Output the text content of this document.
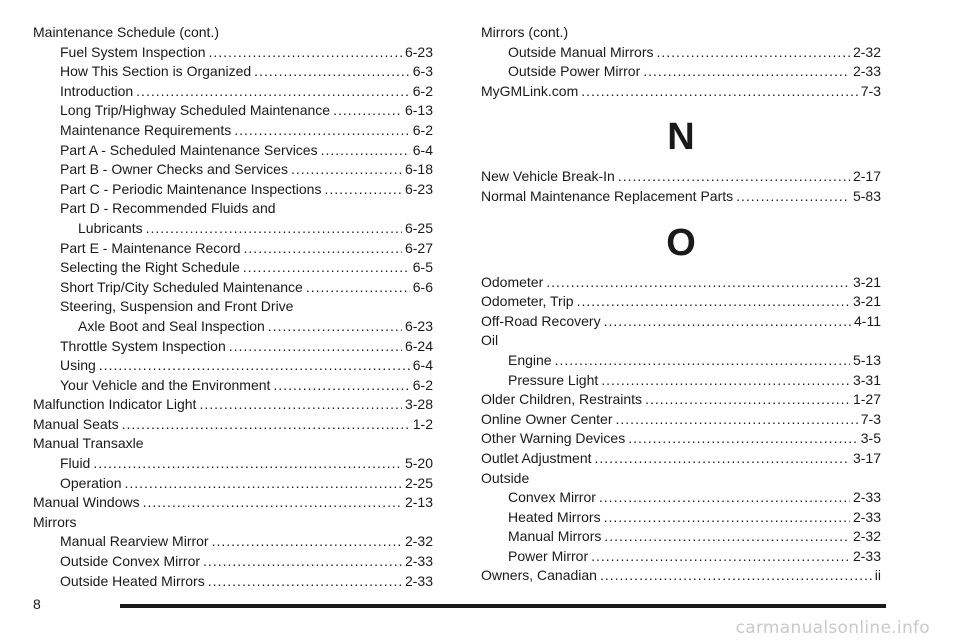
Maintenance Schedule (cont.)
Fuel System Inspection .....	6-23
How This Section is Organized .....	6-3
Introduction .....	6-2
Long Trip/Highway Scheduled Maintenance .....	6-13
Maintenance Requirements .....	6-2
Part A - Scheduled Maintenance Services .....	6-4
Part B - Owner Checks and Services .....	6-18
Part C - Periodic Maintenance Inspections .....	6-23
Part D - Recommended Fluids and
Lubricants .....	6-25
Part E - Maintenance Record .....	6-27
Selecting the Right Schedule .....	6-5
Short Trip/City Scheduled Maintenance .....	6-6
Steering, Suspension and Front Drive
Axle Boot and Seal Inspection .....	6-23
Throttle System Inspection .....	6-24
Using .....	6-4
Your Vehicle and the Environment .....	6-2
Malfunction Indicator Light .....	3-28
Manual Seats .....	1-2
Manual Transaxle
Fluid .....	5-20
Operation .....	2-25
Manual Windows .....	2-13
Mirrors
Manual Rearview Mirror .....	2-32
Outside Convex Mirror .....	2-33
Outside Heated Mirrors .....	2-33
Mirrors (cont.)
Outside Manual Mirrors .....	2-32
Outside Power Mirror .....	2-33
MyGMLink.com .....	7-3
N
New Vehicle Break-In .....	2-17
Normal Maintenance Replacement Parts .....	5-83
O
Odometer .....	3-21
Odometer, Trip .....	3-21
Off-Road Recovery .....	4-11
Oil
Engine .....	5-13
Pressure Light .....	3-31
Older Children, Restraints .....	1-27
Online Owner Center .....	7-3
Other Warning Devices .....	3-5
Outlet Adjustment .....	3-17
Outside
Convex Mirror .....	2-33
Heated Mirrors .....	2-33
Manual Mirrors .....	2-32
Power Mirror .....	2-33
Owners, Canadian .....	ii
8
carmanualsonline.info
